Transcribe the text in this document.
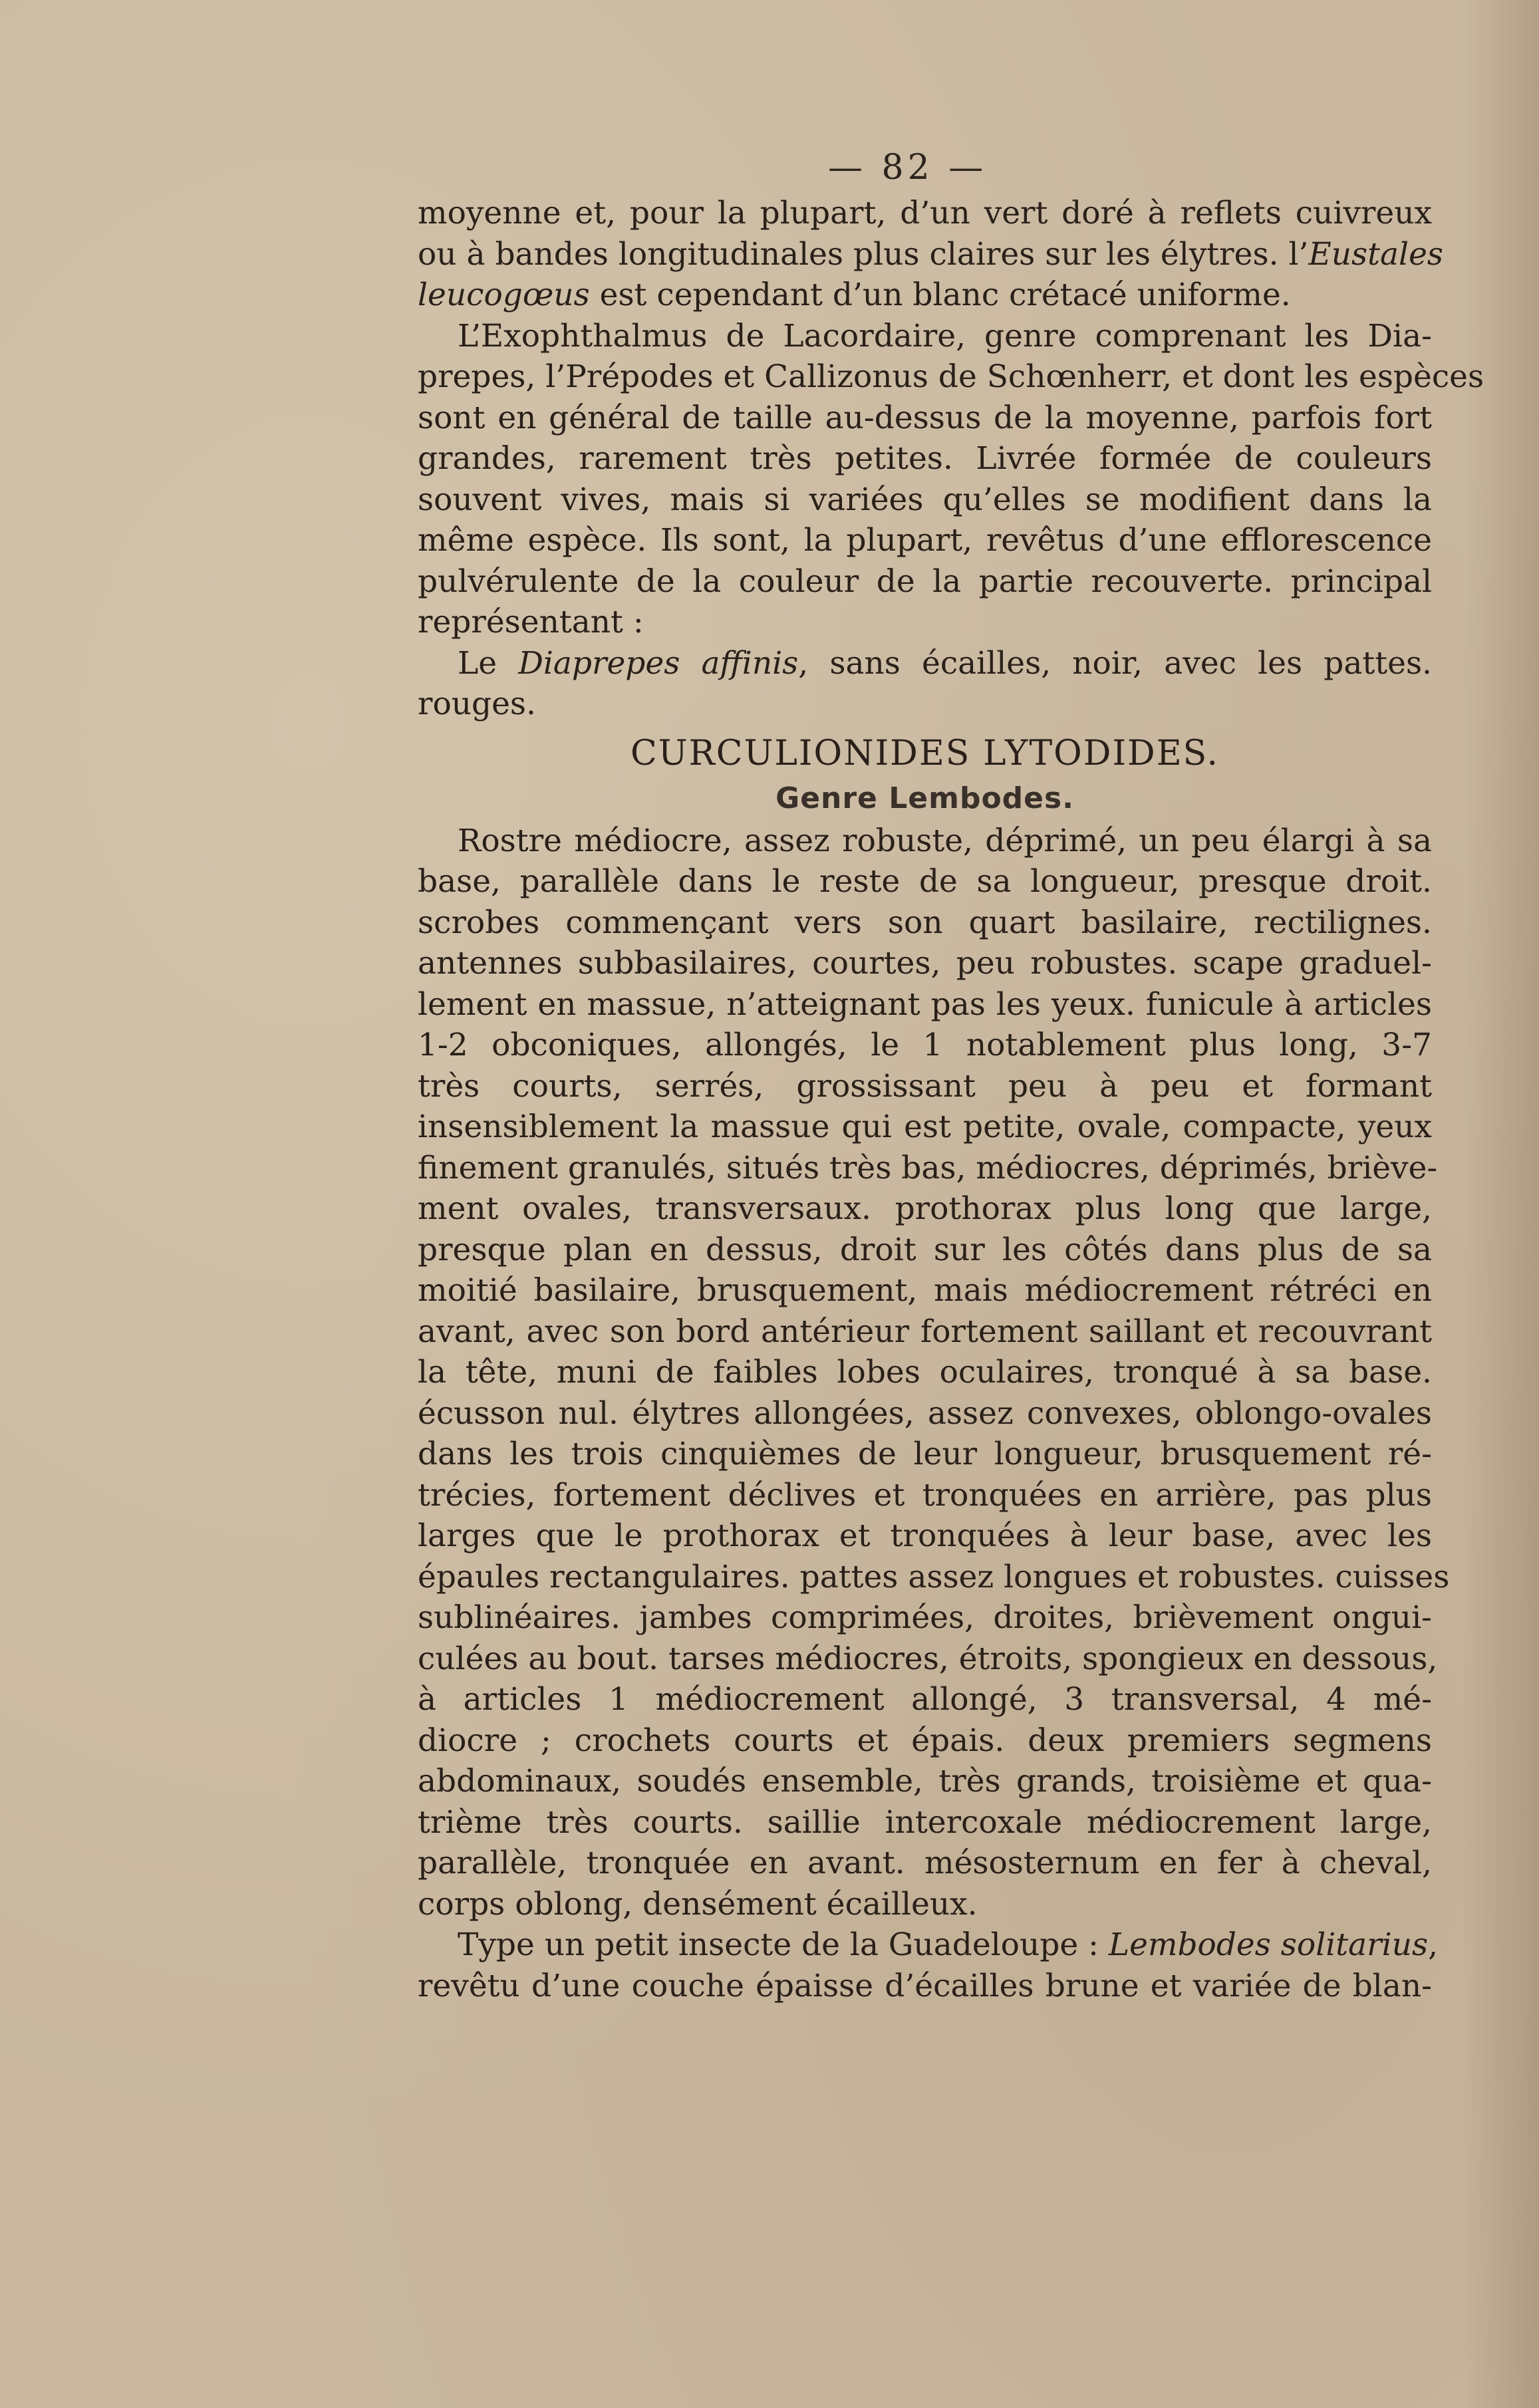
— 82 —
moyenne et, pour la plupart, d’un vert doré à reflets cuivreux
ou à bandes longitudinales plus claires sur les élytres. l’Eustales
leucogœus est cependant d’un blanc crétacé uniforme.
L’Exophthalmus de Lacordaire, genre comprenant les Dia-
prepes, l’Prépodes et Callizonus de Schœnherr, et dont les espèces
sont en général de taille au-dessus de la moyenne, parfois fort
grandes, rarement très petites. Livrée formée de couleurs
souvent vives, mais si variées qu’elles se modifient dans la
même espèce. Ils sont, la plupart, revêtus d’une efflorescence
pulvérulente de la couleur de la partie recouverte. principal
représentant :
Le Diaprepes affinis, sans écailles, noir, avec les pattes.
rouges.
CURCULIONIDES LYTODIDES.
Genre Lembodes.
Rostre médiocre, assez robuste, déprimé, un peu élargi à sa
base, parallèle dans le reste de sa longueur, presque droit.
scrobes commençant vers son quart basilaire, rectilignes.
antennes subbasilaires, courtes, peu robustes. scape graduel-
lement en massue, n’atteignant pas les yeux. funicule à articles
1-2 obconiques, allongés, le 1 notablement plus long, 3-7
très courts, serrés, grossissant peu à peu et formant
insensiblement la massue qui est petite, ovale, compacte, yeux
finement granulés, situés très bas, médiocres, déprimés, briève-
ment ovales, transversaux. prothorax plus long que large,
presque plan en dessus, droit sur les côtés dans plus de sa
moitié basilaire, brusquement, mais médiocrement rétréci en
avant, avec son bord antérieur fortement saillant et recouvrant
la tête, muni de faibles lobes oculaires, tronqué à sa base.
écusson nul. élytres allongées, assez convexes, oblongo-ovales
dans les trois cinquièmes de leur longueur, brusquement ré-
trécies, fortement déclives et tronquées en arrière, pas plus
larges que le prothorax et tronquées à leur base, avec les
épaules rectangulaires. pattes assez longues et robustes. cuisses
sublinéaires. jambes comprimées, droites, brièvement ongui-
culées au bout. tarses médiocres, étroits, spongieux en dessous,
à articles 1 médiocrement allongé, 3 transversal, 4 mé-
diocre ; crochets courts et épais. deux premiers segmens
abdominaux, soudés ensemble, très grands, troisième et qua-
trième très courts. saillie intercoxale médiocrement large,
parallèle, tronquée en avant. mésosternum en fer à cheval,
corps oblong, densément écailleux.
Type un petit insecte de la Guadeloupe : Lembodes solitarius,
revêtu d’une couche épaisse d’écailles brune et variée de blan-
